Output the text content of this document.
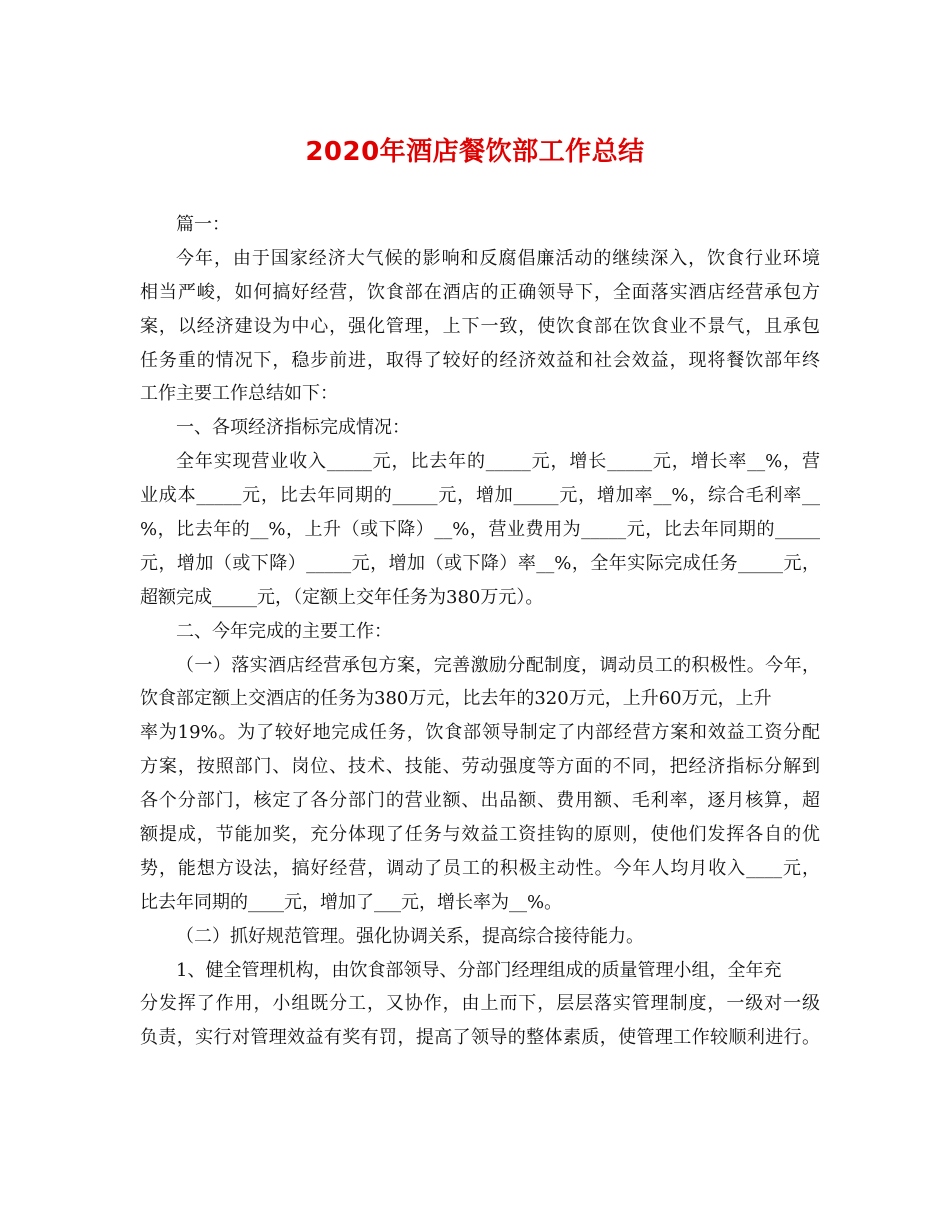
2020年酒店餐饮部工作总结
篇一：
今年，由于国家经济大气候的影响和反腐倡廉活动的继续深入，饮食行业环境
相当严峻，如何搞好经营，饮食部在酒店的正确领导下，全面落实酒店经营承包方
案，以经济建设为中心，强化管理，上下一致，使饮食部在饮食业不景气，且承包
任务重的情况下，稳步前进，取得了较好的经济效益和社会效益，现将餐饮部年终
工作主要工作总结如下：
一、各项经济指标完成情况：
全年实现营业收入_____元，比去年的_____元，增长_____元，增长率__%，营
业成本_____元，比去年同期的_____元，增加_____元，增加率__%，综合毛利率__
%，比去年的__%，上升（或下降）__%，营业费用为_____元，比去年同期的_____
元，增加（或下降）_____元，增加（或下降）率__%，全年实际完成任务_____元，
超额完成_____元，（定额上交年任务为380万元）。
二、今年完成的主要工作：
（一）落实酒店经营承包方案，完善激励分配制度，调动员工的积极性。今年，
饮食部定额上交酒店的任务为380万元，比去年的320万元，上升60万元，上升
率为19%。为了较好地完成任务，饮食部领导制定了内部经营方案和效益工资分配
方案，按照部门、岗位、技术、技能、劳动强度等方面的不同，把经济指标分解到
各个分部门，核定了各分部门的营业额、出品额、费用额、毛利率，逐月核算，超
额提成，节能加奖，充分体现了任务与效益工资挂钩的原则，使他们发挥各自的优
势，能想方设法，搞好经营，调动了员工的积极主动性。今年人均月收入____元，
比去年同期的____元，增加了___元，增长率为__%。
（二）抓好规范管理。强化协调关系，提高综合接待能力。
1、健全管理机构，由饮食部领导、分部门经理组成的质量管理小组，全年充
分发挥了作用，小组既分工，又协作，由上而下，层层落实管理制度，一级对一级
负责，实行对管理效益有奖有罚，提高了领导的整体素质，使管理工作较顺利进行。
